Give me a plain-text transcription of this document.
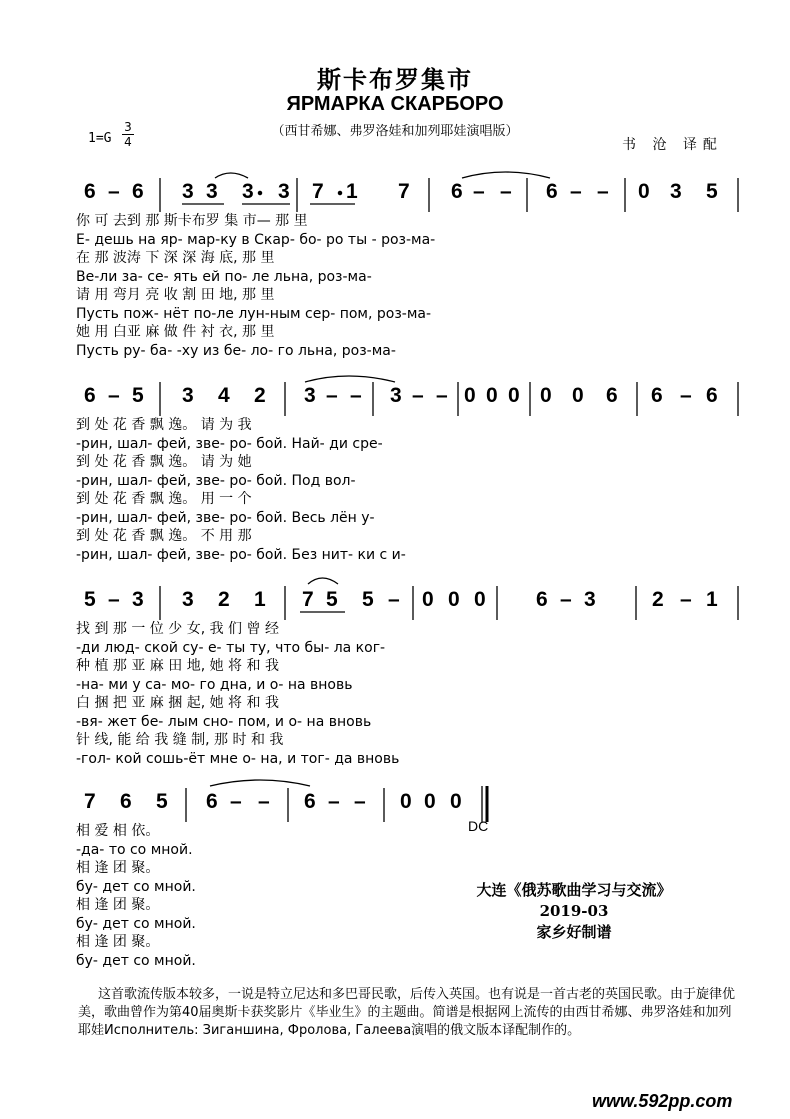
斯卡布罗集市
ЯРМАРКА СКАРБОРО
（西甘希娜、弗罗洛娃和加列耶娃演唱版）
1=G
3
4	书 沧 译配
6 – 6 3 3 3 3 7 1 7 6 – – 6 – – 0 3 5
你 可 去到 那 斯卡布罗 集 市— 那 里
Е- дешь на яр- мар-ку в Скар- бо- ро ты - роз-ма-
在 那 波涛 下 深 深 海 底, 那 里
Ве-ли за- се- ять ей по- ле льна, роз-ма-
请 用 弯月 亮 收 割 田 地, 那 里
Пусть пож- нёт по-ле лун-ным сер- пом, роз-ма-
她 用 白亚 麻 做 件 衬 衣, 那 里
Пусть ру- ба- -ху из бе- ло- го льна, роз-ма-
6 – 5 3 4 2 3 – – 3 – – 0 0 0 0 0 6 6 – 6
到 处 花 香 飘 逸。 请 为 我
-рин, шал- фей, зве- ро- бой. Най- ди сре-
到 处 花 香 飘 逸。 请 为 她
-рин, шал- фей, зве- ро- бой. Под вол-
到 处 花 香 飘 逸。 用 一 个
-рин, шал- фей, зве- ро- бой. Весь лён у-
到 处 花 香 飘 逸。 不 用 那
-рин, шал- фей, зве- ро- бой. Без нит- ки с и-
5 – 3 3 2 1 7 5 5 – 0 0 0 6 – 3	2 – 1
找 到 那 一 位 少 女, 我 们 曾 经
-ди люд- ской су- е- ты ту, что бы- ла ког-
种 植 那 亚 麻 田 地, 她 将 和 我
-на- ми у са- мо- го дна, и о- на вновь
白 捆 把 亚 麻 捆 起, 她 将 和 我
-вя- жет бе- лым сно- пом, и о- на вновь
针 线, 能 给 我 缝 制, 那 时 和 我
-гол- кой сошь-ёт мне о- на, и тог- да вновь
7 6 5 6 – – 6 – – 0 0 0
DC
相 爱 相 依。
-да- то со мной.
相 逢 团 聚。
бу- дет со мной.
相 逢 团 聚。
бу- дет со мной.
相 逢 团 聚。
бу- дет со мной.
大连《俄苏歌曲学习与交流》
2019-03
家乡好制谱
这首歌流传版本较多，一说是特立尼达和多巴哥民歌，后传入英国。也有说是一首古老的英国民歌。由于旋律优美，歌曲曾作为第40届奥斯卡获奖影片《毕业生》的主题曲。简谱是根据网上流传的由西甘希娜、弗罗洛娃和加列耶娃Исполнитель: Зиганшина, Фролова, Галеева演唱的俄文版本译配制作的。
www.592pp.com
